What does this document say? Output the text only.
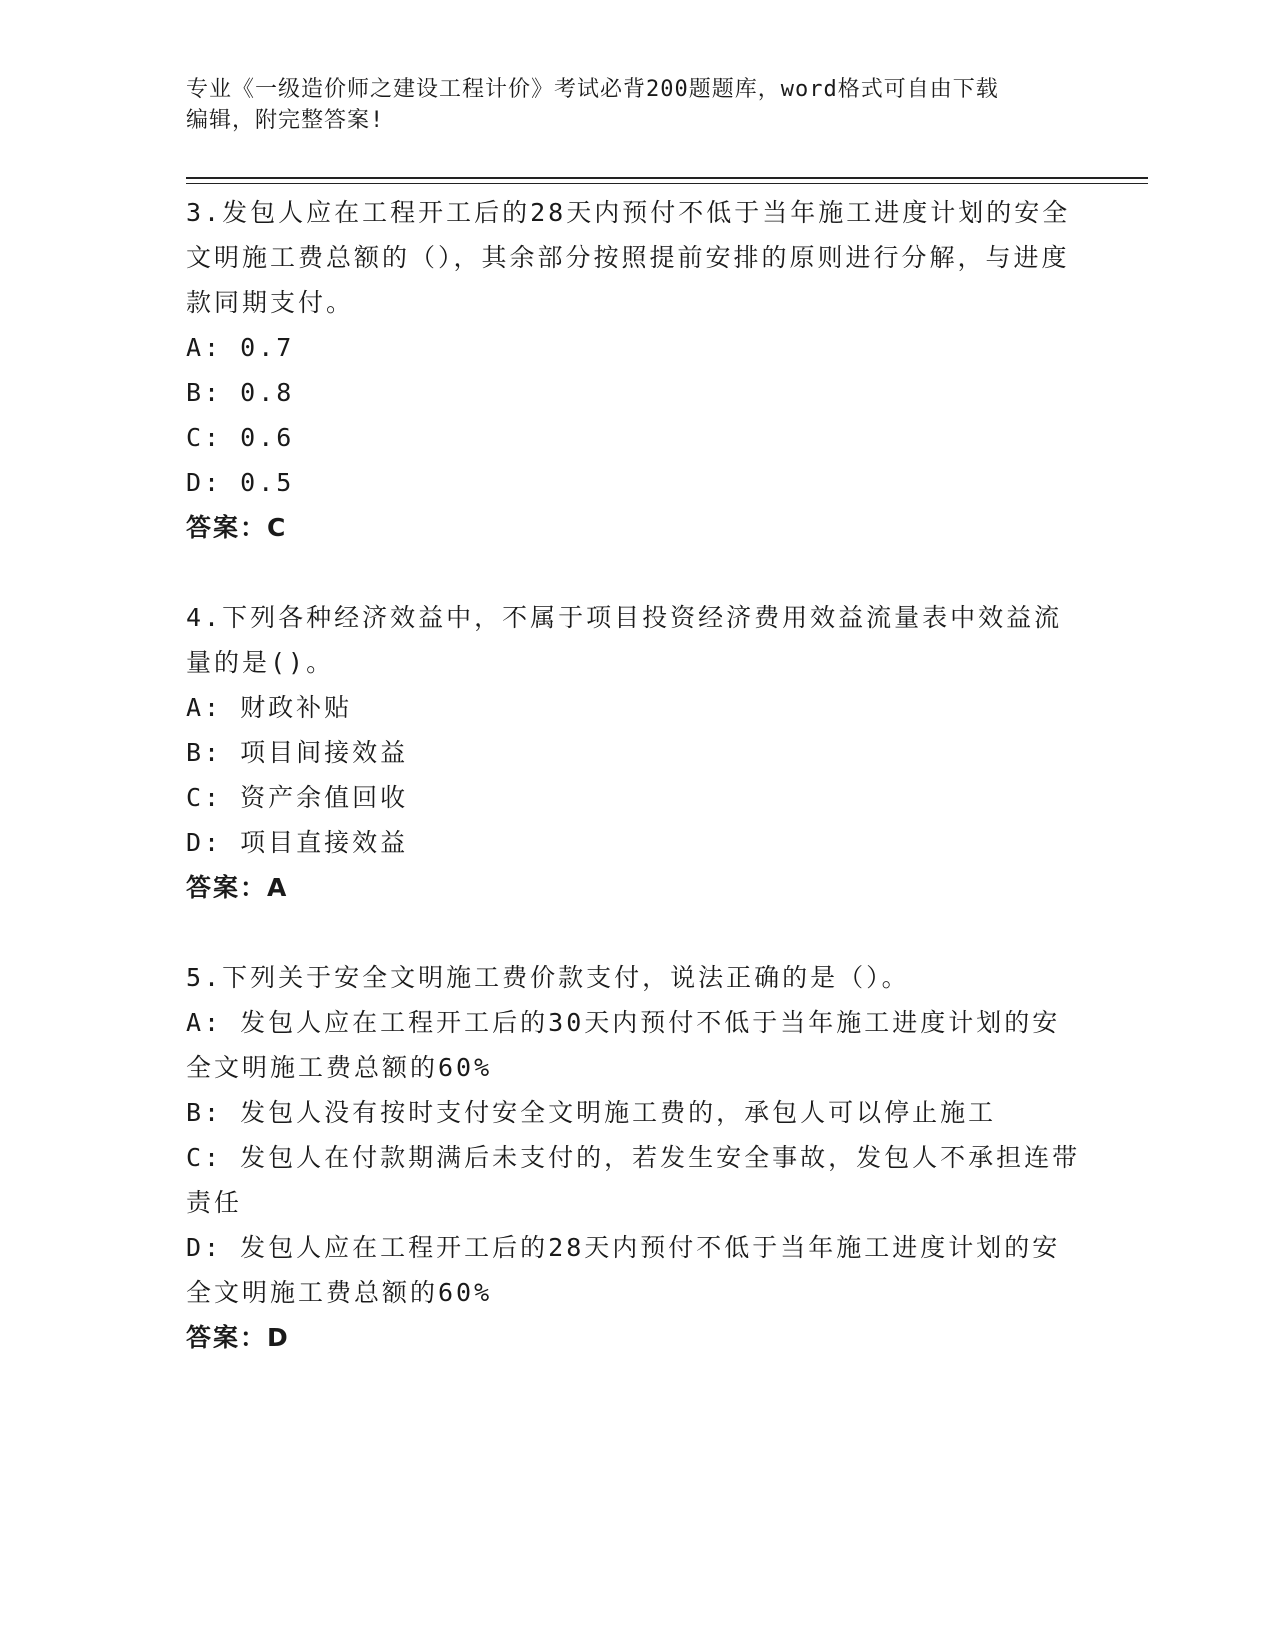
专业《一级造价师之建设工程计价》考试必背200题题库，word格式可自由下载
编辑，附完整答案!
3.发包人应在工程开工后的28天内预付不低于当年施工进度计划的安全文明施工费总额的（），其余部分按照提前安排的原则进行分解，与进度款同期支付。
A: 0.7
B: 0.8
C: 0.6
D: 0.5
答案：C
4.下列各种经济效益中，不属于项目投资经济费用效益流量表中效益流量的是()。
A: 财政补贴
B: 项目间接效益
C: 资产余值回收
D: 项目直接效益
答案：A
5.下列关于安全文明施工费价款支付，说法正确的是（）。
A: 发包人应在工程开工后的30天内预付不低于当年施工进度计划的安全文明施工费总额的60%
B: 发包人没有按时支付安全文明施工费的，承包人可以停止施工
C: 发包人在付款期满后未支付的，若发生安全事故，发包人不承担连带责任
D: 发包人应在工程开工后的28天内预付不低于当年施工进度计划的安全文明施工费总额的60%
答案：D
